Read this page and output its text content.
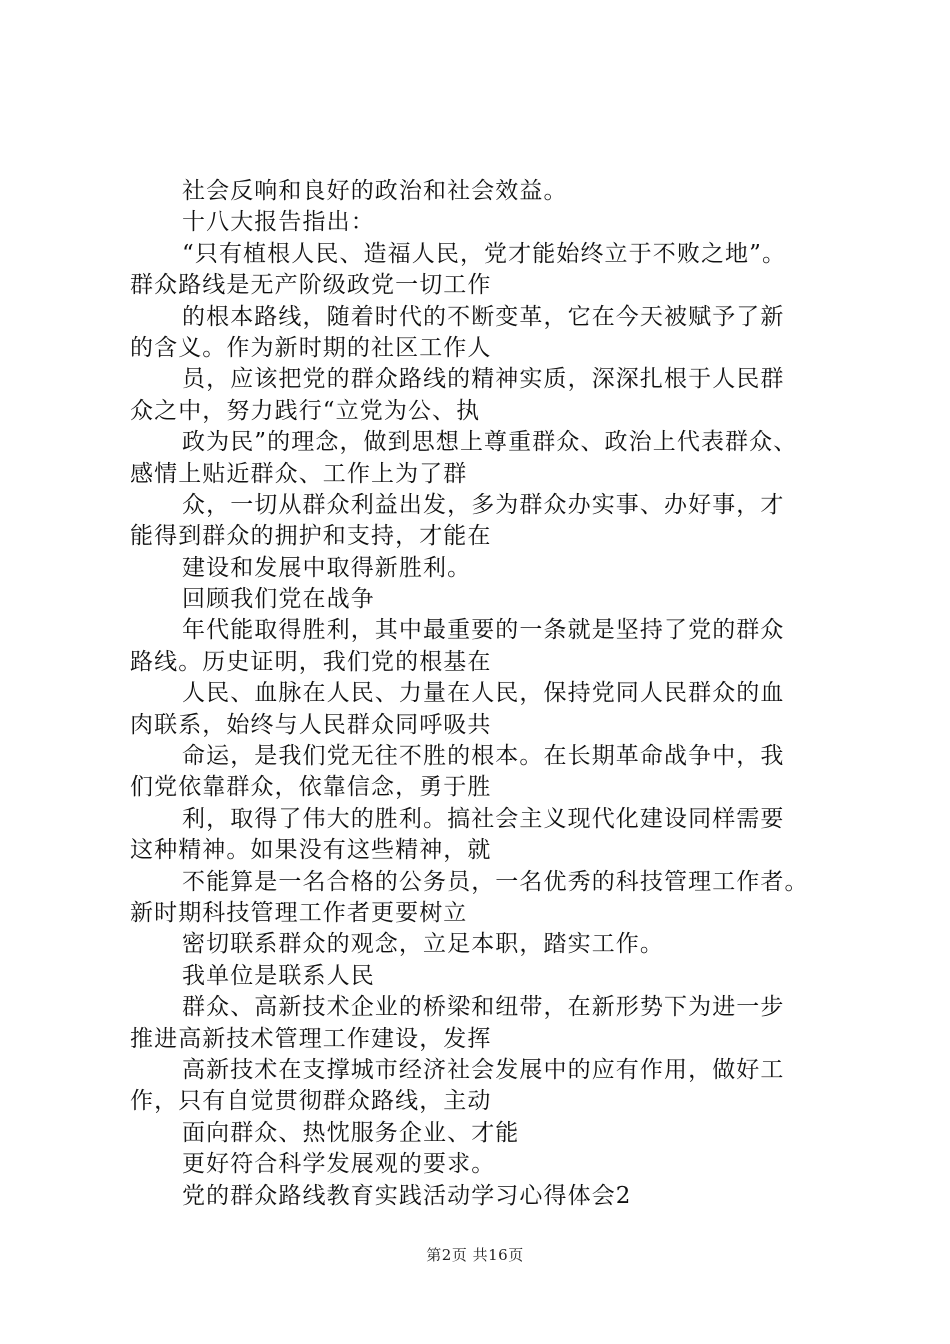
社会反响和良好的政治和社会效益。
十八大报告指出：
“只有植根人民、造福人民，党才能始终立于不败之地”。
群众路线是无产阶级政党一切工作
的根本路线，随着时代的不断变革，它在今天被赋予了新
的含义。作为新时期的社区工作人
员，应该把党的群众路线的精神实质，深深扎根于人民群
众之中，努力践行“立党为公、执
政为民”的理念，做到思想上尊重群众、政治上代表群众、
感情上贴近群众、工作上为了群
众，一切从群众利益出发，多为群众办实事、办好事，才
能得到群众的拥护和支持，才能在
建设和发展中取得新胜利。
回顾我们党在战争
年代能取得胜利，其中最重要的一条就是坚持了党的群众
路线。历史证明，我们党的根基在
人民、血脉在人民、力量在人民，保持党同人民群众的血
肉联系，始终与人民群众同呼吸共
命运，是我们党无往不胜的根本。在长期革命战争中，我
们党依靠群众，依靠信念，勇于胜
利，取得了伟大的胜利。搞社会主义现代化建设同样需要
这种精神。如果没有这些精神，就
不能算是一名合格的公务员，一名优秀的科技管理工作者。
新时期科技管理工作者更要树立
密切联系群众的观念，立足本职，踏实工作。
我单位是联系人民
群众、高新技术企业的桥梁和纽带，在新形势下为进一步
推进高新技术管理工作建设，发挥
高新技术在支撑城市经济社会发展中的应有作用，做好工
作，只有自觉贯彻群众路线，主动
面向群众、热忱服务企业、才能
更好符合科学发展观的要求。
党的群众路线教育实践活动学习心得体会2
第2页 共16页
